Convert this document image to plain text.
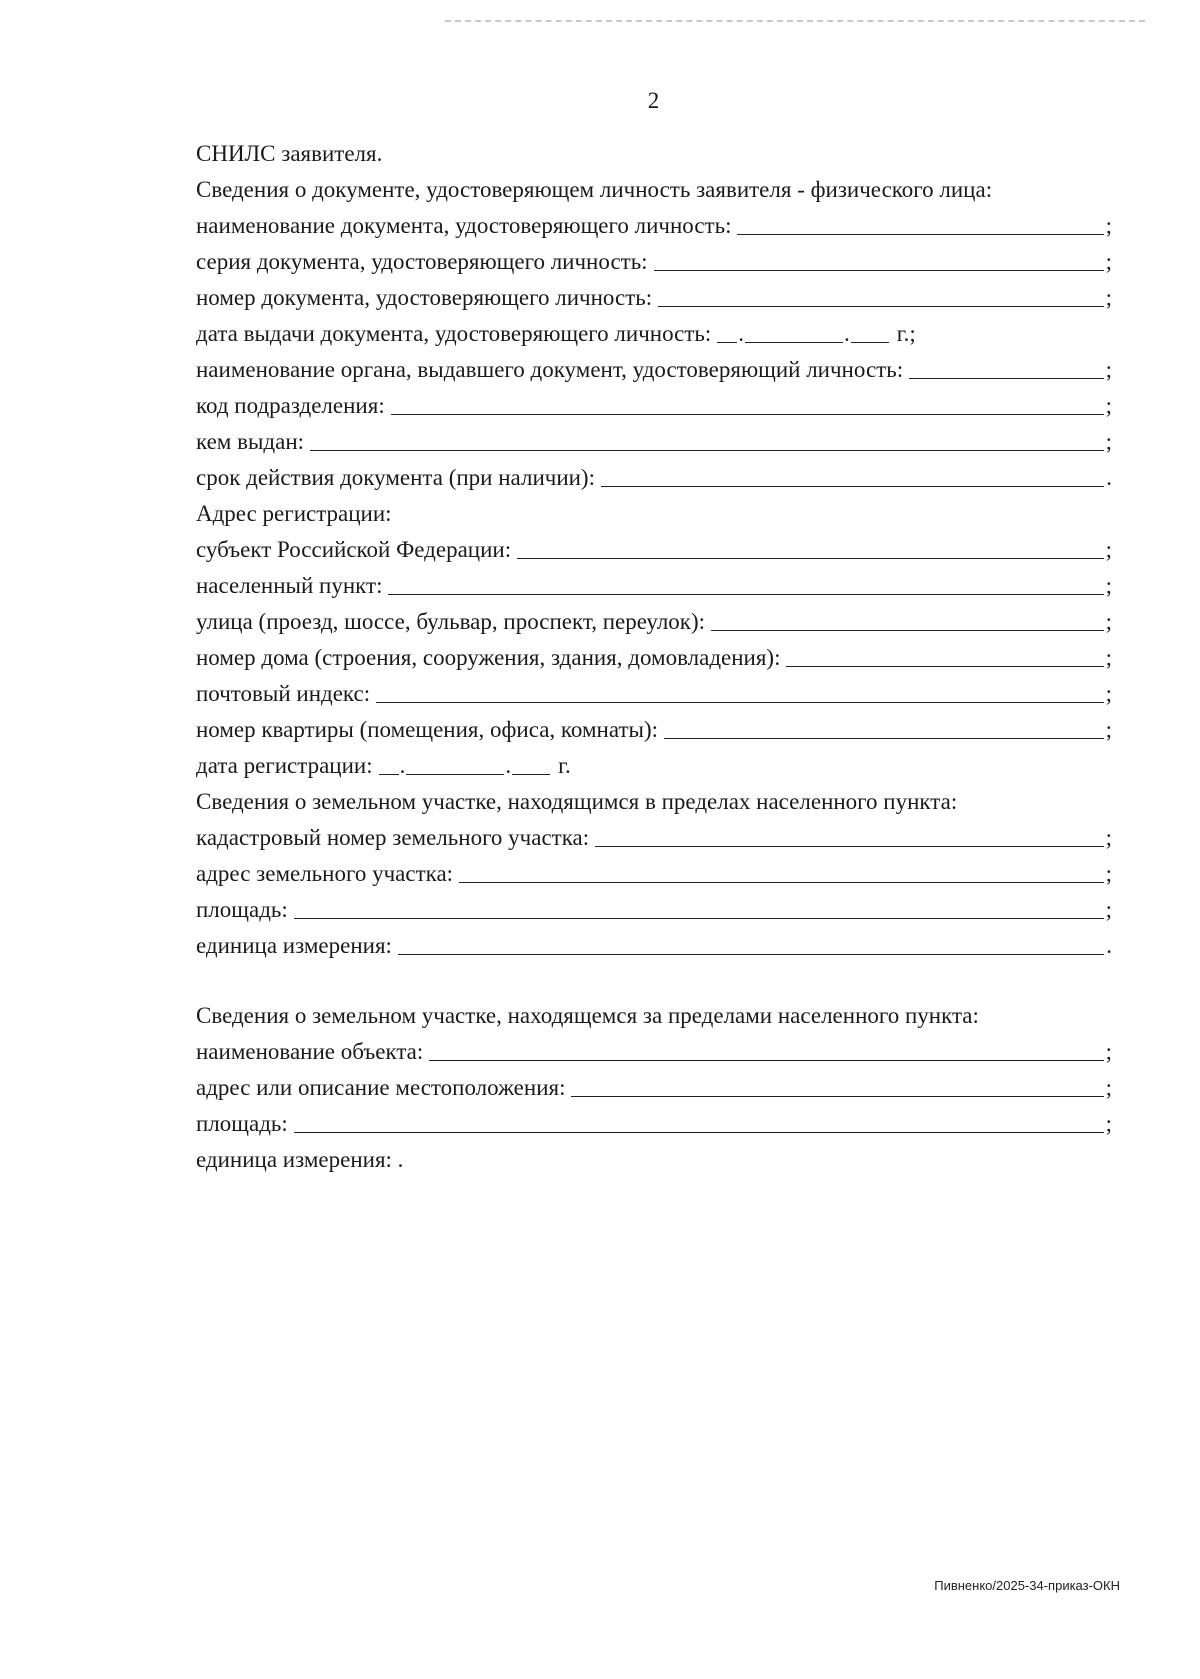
2
СНИЛС заявителя.
Сведения о документе, удостоверяющем личность заявителя - физического лица:
наименование документа, удостоверяющего личность:	;
серия документа, удостоверяющего личность:	;
номер документа, удостоверяющего личность:	;
дата выдачи документа, удостоверяющего личность: .	.	г.;
наименование органа, выдавшего документ, удостоверяющий личность:	;
код подразделения:	;
кем выдан:	;
срок действия документа (при наличии):	.
Адрес регистрации:
субъект Российской Федерации:	;
населенный пункт:	;
улица (проезд, шоссе, бульвар, проспект, переулок):	;
номер дома (строения, сооружения, здания, домовладения):	;
почтовый индекс:	;
номер квартиры (помещения, офиса, комнаты):	;
дата регистрации: .	.	г.
Сведения о земельном участке, находящимся в пределах населенного пункта:
кадастровый номер земельного участка:	;
адрес земельного участка:	;
площадь:	;
единица измерения:	.
Сведения о земельном участке, находящемся за пределами населенного пункта:
наименование объекта:	;
адрес или описание местоположения:	;
площадь:	;
единица измерения: .
Пивненко/2025-34-приказ-ОКН
